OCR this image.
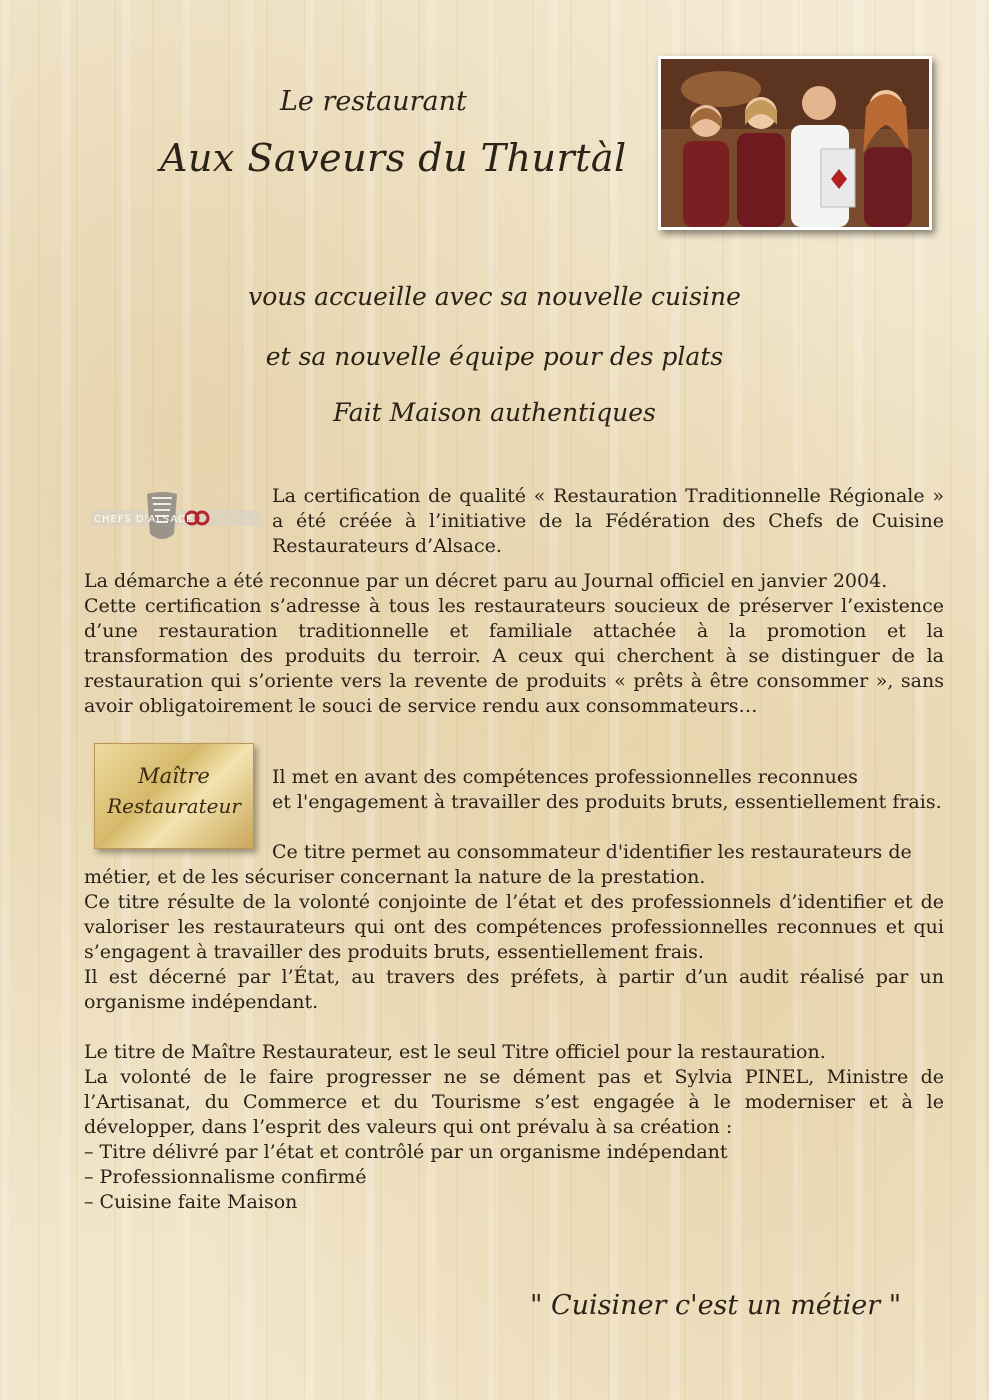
Le restaurant
Aux Saveurs du Thurtàl
vous accueille avec sa nouvelle cuisine
et sa nouvelle équipe pour des plats
Fait Maison authentiques
CHEFS D'ALSACE
La certification de qualité « Restauration Traditionnelle Régionale » a été créée à l’initiative de la Fédération des Chefs de Cuisine Restaurateurs d’Alsace.

La démarche a été reconnue par un décret paru au Journal officiel en janvier 2004.

Cette certification s’adresse à tous les restaurateurs soucieux de préserver l’existence d’une restauration traditionnelle et familiale attachée à la promotion et la transformation des produits du terroir. A ceux qui cherchent à se distinguer de la restauration qui s’oriente vers la revente de produits « prêts à être consommer », sans avoir obligatoirement le souci de service rendu aux consommateurs…

Maître
Restaurateur

Il met en avant des compétences professionnelles reconnues

et l'engagement à travailler des produits bruts, essentiellement frais.

Ce titre permet au consommateur d'identifier les restaurateurs de

métier, et de les sécuriser concernant la nature de la prestation.

Ce titre résulte de la volonté conjointe de l’état et des professionnels d’identifier et de valoriser les restaurateurs qui ont des compétences professionnelles reconnues et qui s’engagent à travailler des produits bruts, essentiellement frais.

Il est décerné par l’État, au travers des préfets, à partir d’un audit réalisé par un organisme indépendant.

Le titre de Maître Restaurateur, est le seul Titre officiel pour la restauration.

La volonté de le faire progresser ne se dément pas et Sylvia PINEL, Ministre de l’Artisanat, du Commerce et du Tourisme s’est engagée à le moderniser et à le développer, dans l’esprit des valeurs qui ont prévalu à sa création :

– Titre délivré par l’état et contrôlé par un organisme indépendant

– Professionnalisme confirmé

– Cuisine faite Maison

" Cuisiner c'est un métier "
